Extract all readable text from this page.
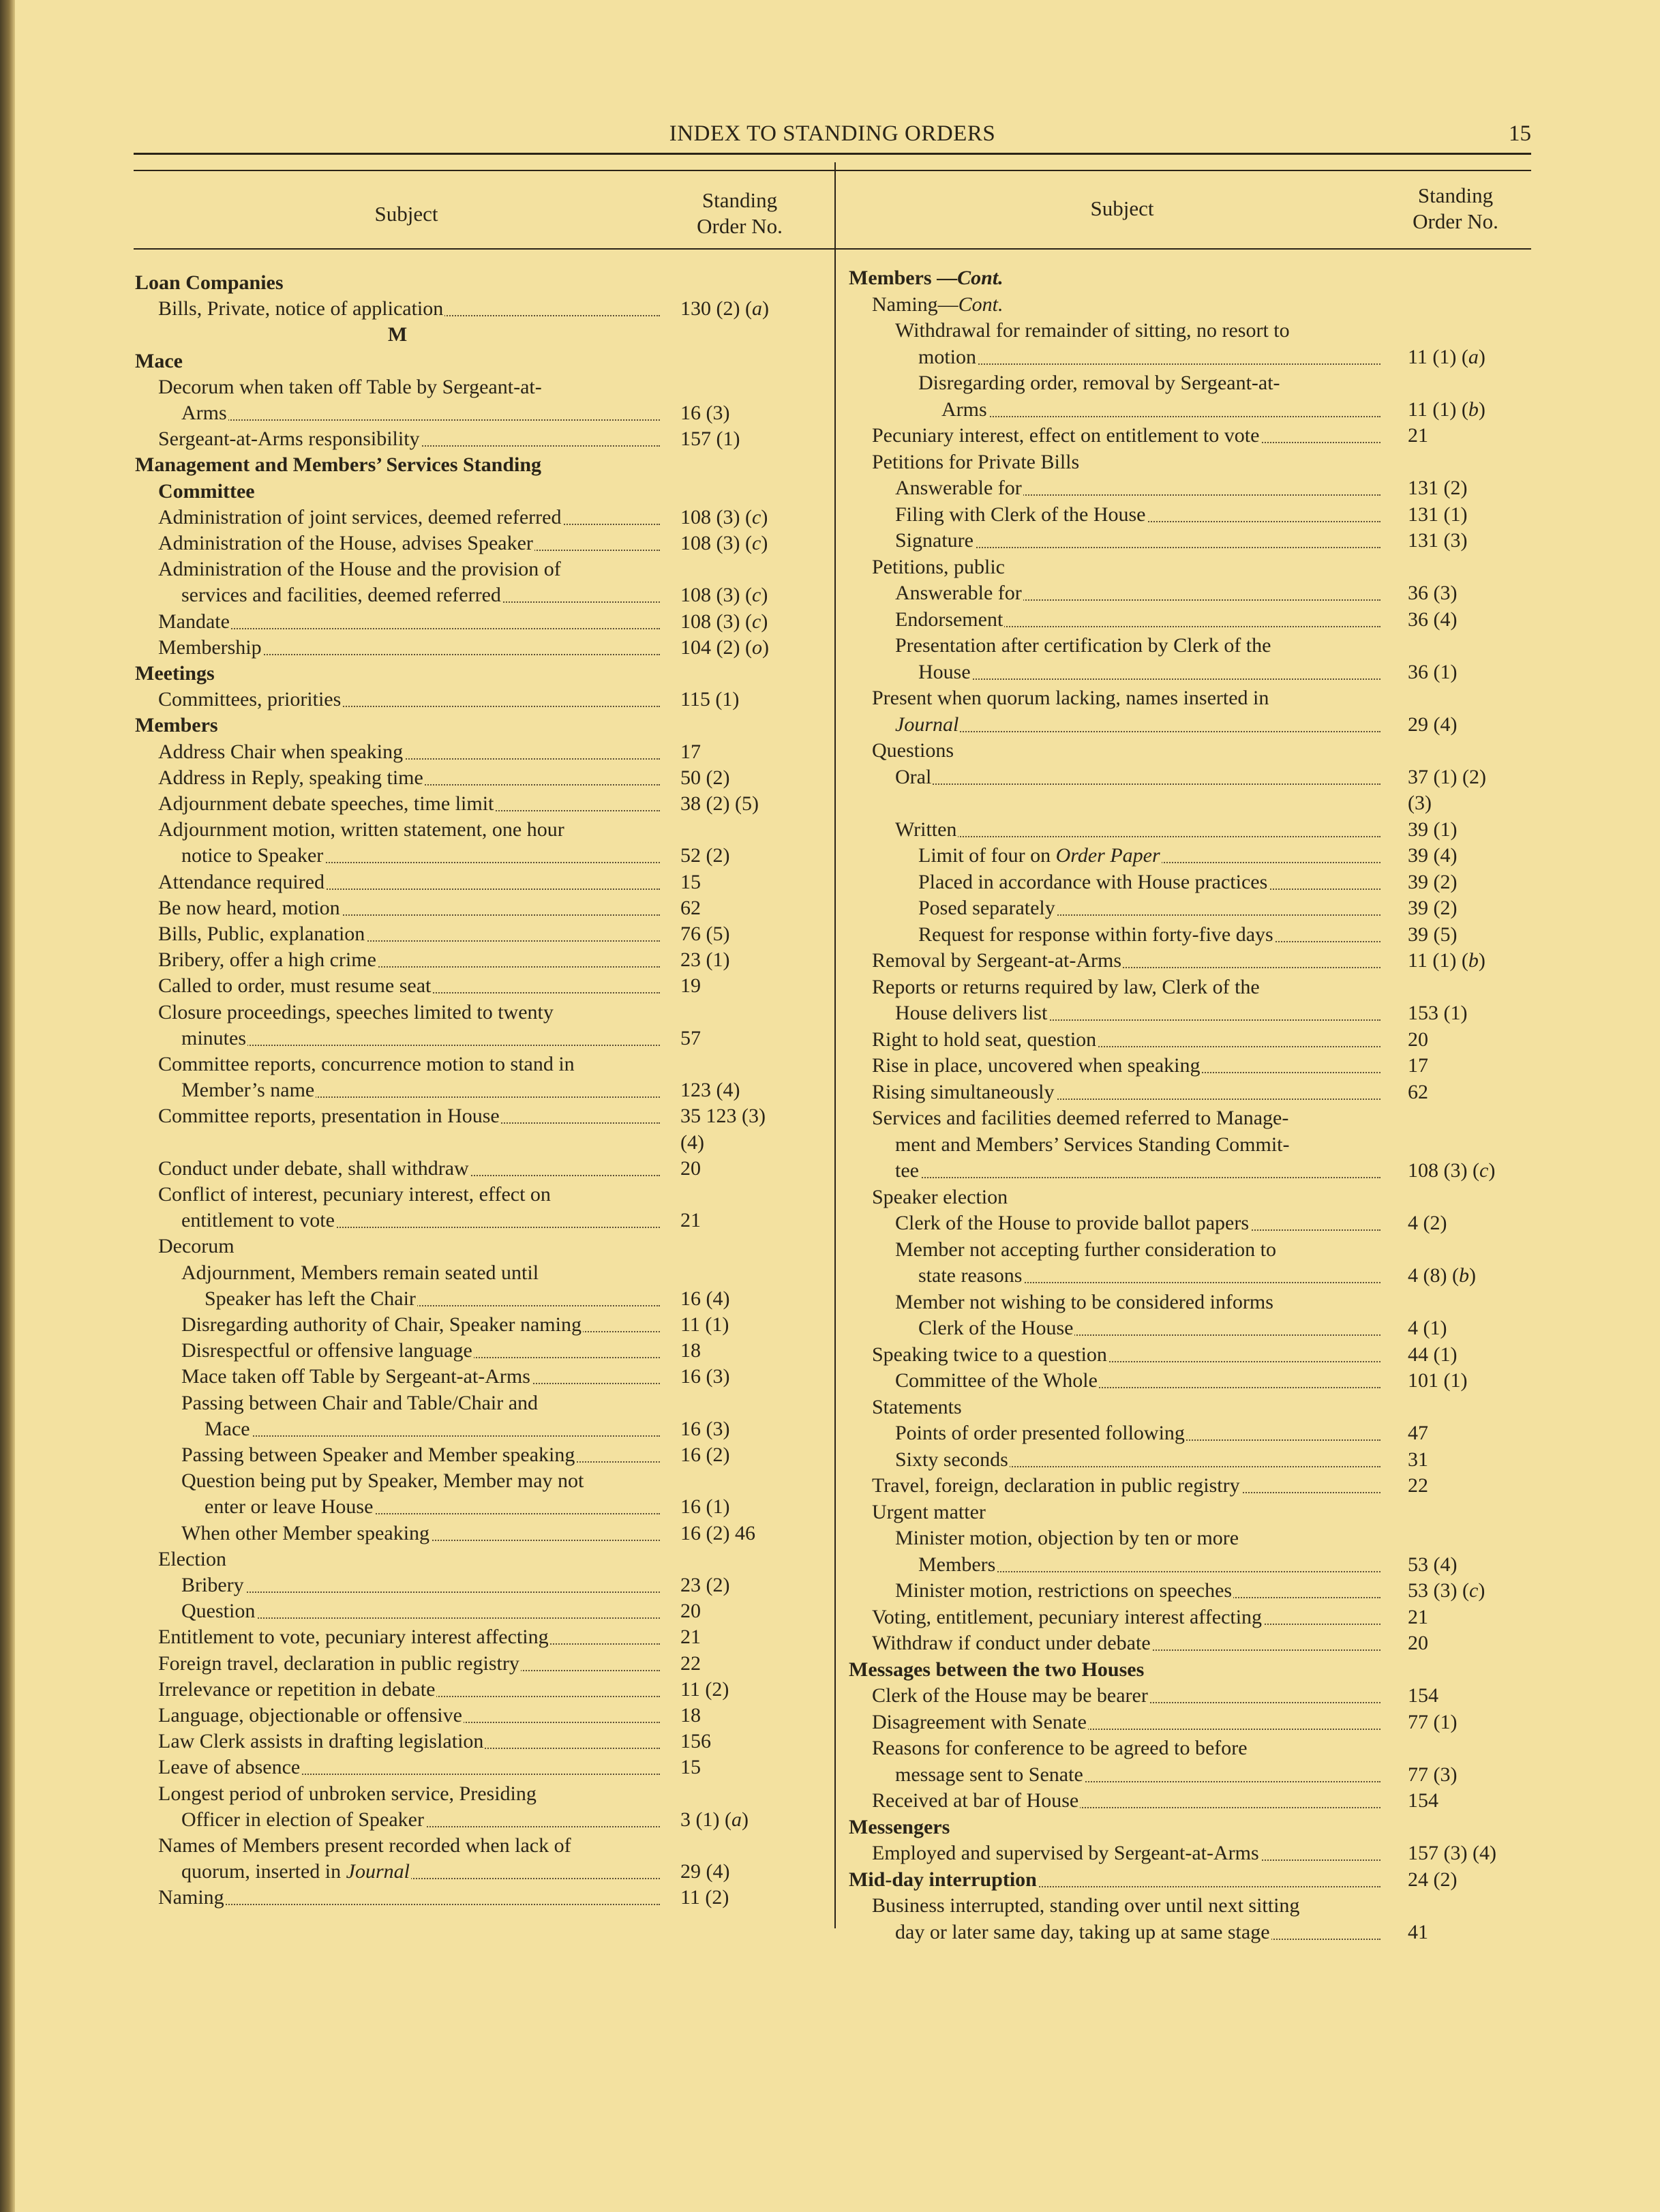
INDEX TO STANDING ORDERS	15
Subject
Standing
Order No.
Subject
Standing
Order No.
Loan Companies
Bills, Private, notice of application	130 (2) (a)
M
Mace
Decorum when taken off Table by Sergeant-at-
Arms	16 (3)
Sergeant-at-Arms responsibility	157 (1)
Management and Members’ Services Standing
Committee
Administration of joint services, deemed referred	108 (3) (c)
Administration of the House, advises Speaker	108 (3) (c)
Administration of the House and the provision of
services and facilities, deemed referred	108 (3) (c)
Mandate	108 (3) (c)
Membership	104 (2) (o)
Meetings
Committees, priorities	115 (1)
Members
Address Chair when speaking	17
Address in Reply, speaking time	50 (2)
Adjournment debate speeches, time limit	38 (2) (5)
Adjournment motion, written statement, one hour
notice to Speaker	52 (2)
Attendance required	15
Be now heard, motion	62
Bills, Public, explanation	76 (5)
Bribery, offer a high crime	23 (1)
Called to order, must resume seat	19
Closure proceedings, speeches limited to twenty
minutes	57
Committee reports, concurrence motion to stand in
Member’s name	123 (4)
Committee reports, presentation in House	35 123 (3)
(4)
Conduct under debate, shall withdraw	20
Conflict of interest, pecuniary interest, effect on
entitlement to vote	21
Decorum
Adjournment, Members remain seated until
Speaker has left the Chair	16 (4)
Disregarding authority of Chair, Speaker naming	11 (1)
Disrespectful or offensive language	18
Mace taken off Table by Sergeant-at-Arms	16 (3)
Passing between Chair and Table/Chair and
Mace	16 (3)
Passing between Speaker and Member speaking	16 (2)
Question being put by Speaker, Member may not
enter or leave House	16 (1)
When other Member speaking	16 (2) 46
Election
Bribery	23 (2)
Question	20
Entitlement to vote, pecuniary interest affecting	21
Foreign travel, declaration in public registry	22
Irrelevance or repetition in debate	11 (2)
Language, objectionable or offensive	18
Law Clerk assists in drafting legislation	156
Leave of absence	15
Longest period of unbroken service, Presiding
Officer in election of Speaker	3 (1) (a)
Names of Members present recorded when lack of
quorum, inserted in Journal	29 (4)
Naming	11 (2)
Members —Cont.
Naming—Cont.
Withdrawal for remainder of sitting, no resort to
motion	11 (1) (a)
Disregarding order, removal by Sergeant-at-
Arms	11 (1) (b)
Pecuniary interest, effect on entitlement to vote	21
Petitions for Private Bills
Answerable for	131 (2)
Filing with Clerk of the House	131 (1)
Signature	131 (3)
Petitions, public
Answerable for	36 (3)
Endorsement	36 (4)
Presentation after certification by Clerk of the
House	36 (1)
Present when quorum lacking, names inserted in
Journal	29 (4)
Questions
Oral	37 (1) (2)
(3)
Written	39 (1)
Limit of four on Order Paper	39 (4)
Placed in accordance with House practices	39 (2)
Posed separately	39 (2)
Request for response within forty-five days	39 (5)
Removal by Sergeant-at-Arms	11 (1) (b)
Reports or returns required by law, Clerk of the
House delivers list	153 (1)
Right to hold seat, question	20
Rise in place, uncovered when speaking	17
Rising simultaneously	62
Services and facilities deemed referred to Manage-
ment and Members’ Services Standing Commit-
tee	108 (3) (c)
Speaker election
Clerk of the House to provide ballot papers	4 (2)
Member not accepting further consideration to
state reasons	4 (8) (b)
Member not wishing to be considered informs
Clerk of the House	4 (1)
Speaking twice to a question	44 (1)
Committee of the Whole	101 (1)
Statements
Points of order presented following	47
Sixty seconds	31
Travel, foreign, declaration in public registry	22
Urgent matter
Minister motion, objection by ten or more
Members	53 (4)
Minister motion, restrictions on speeches	53 (3) (c)
Voting, entitlement, pecuniary interest affecting	21
Withdraw if conduct under debate	20
Messages between the two Houses
Clerk of the House may be bearer	154
Disagreement with Senate	77 (1)
Reasons for conference to be agreed to before
message sent to Senate	77 (3)
Received at bar of House	154
Messengers
Employed and supervised by Sergeant-at-Arms	157 (3) (4)
Mid-day interruption	24 (2)
Business interrupted, standing over until next sitting
day or later same day, taking up at same stage	41
